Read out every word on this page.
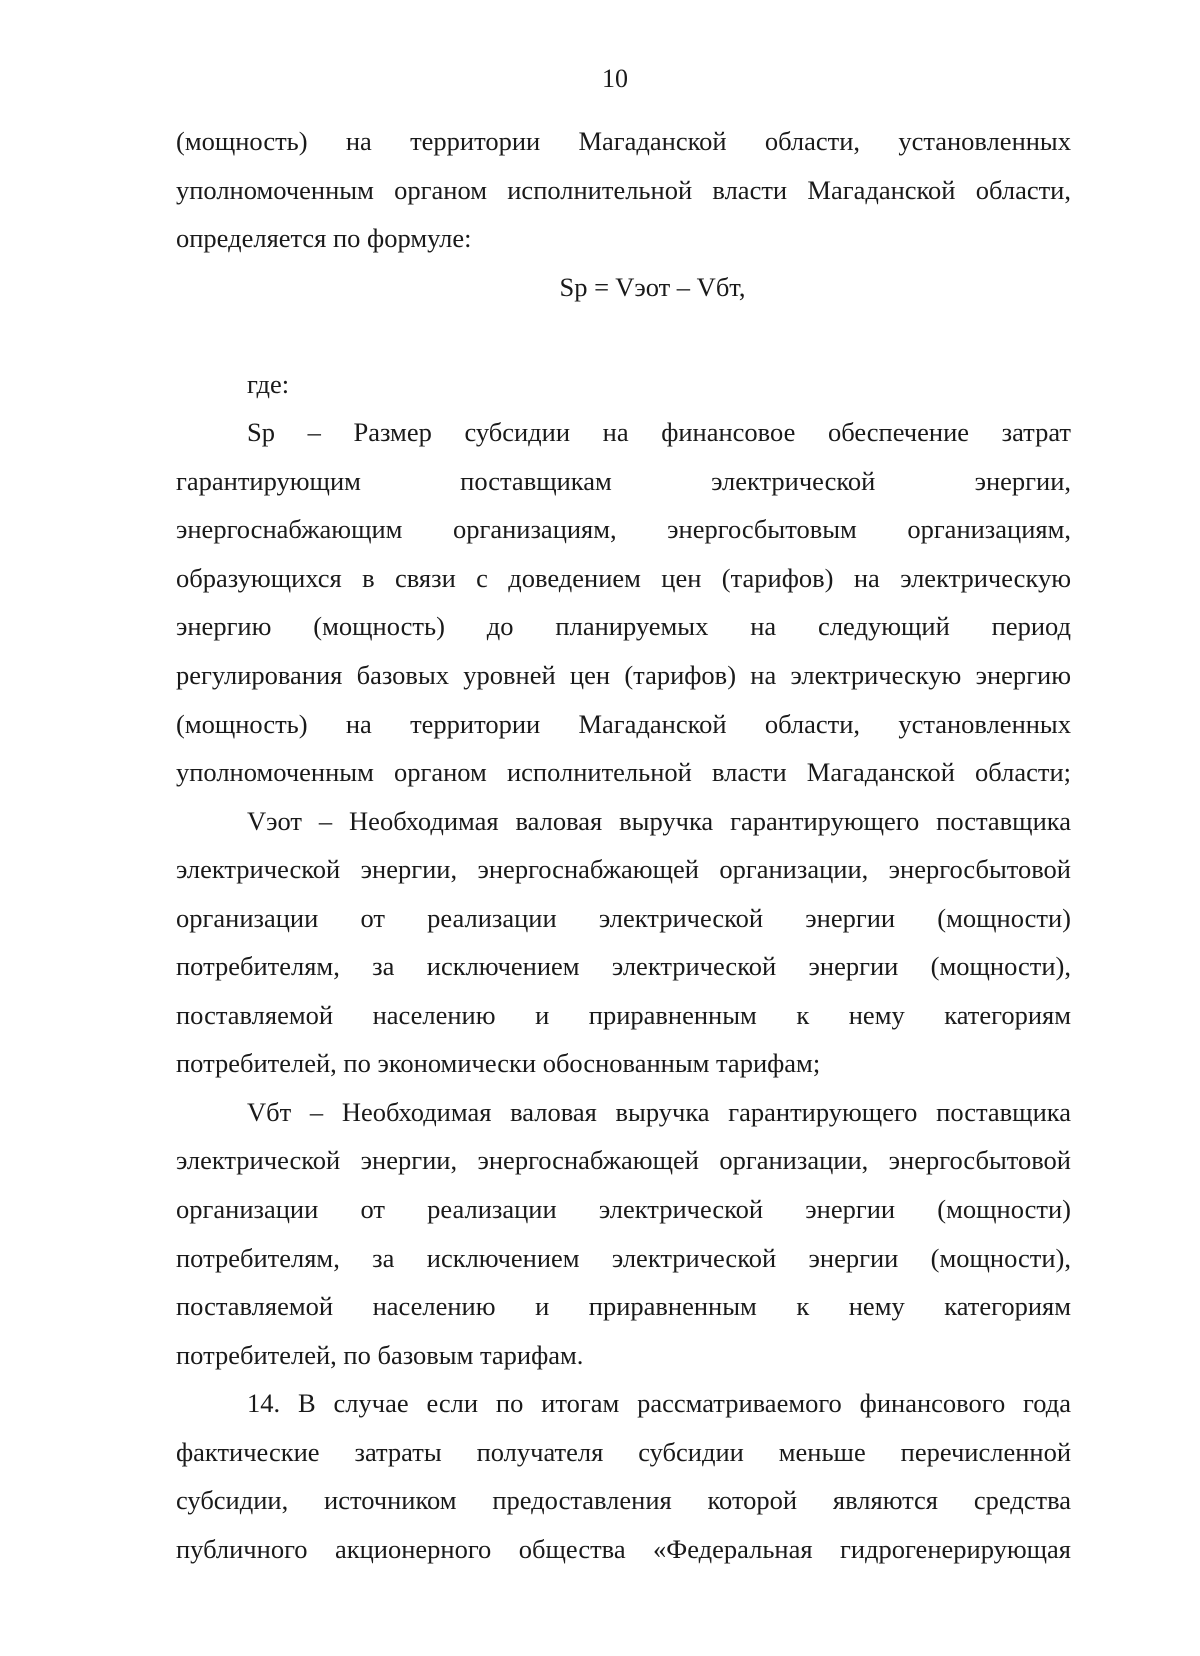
10
(мощность) на территории Магаданской области, установленных
уполномоченным органом исполнительной власти Магаданской области,
определяется по формуле:
Sp = Vэот – Vбт,
где:
Sp – Размер субсидии на финансовое обеспечение затрат
гарантирующим поставщикам электрической энергии,
энергоснабжающим организациям, энергосбытовым организациям,
образующихся в связи с доведением цен (тарифов) на электрическую
энергию (мощность) до планируемых на следующий период
регулирования базовых уровней цен (тарифов) на электрическую энергию
(мощность) на территории Магаданской области, установленных
уполномоченным органом исполнительной власти Магаданской области;
Vэот – Необходимая валовая выручка гарантирующего поставщика
электрической энергии, энергоснабжающей организации, энергосбытовой
организации от реализации электрической энергии (мощности)
потребителям, за исключением электрической энергии (мощности),
поставляемой населению и приравненным к нему категориям
потребителей, по экономически обоснованным тарифам;
Vбт – Необходимая валовая выручка гарантирующего поставщика
электрической энергии, энергоснабжающей организации, энергосбытовой
организации от реализации электрической энергии (мощности)
потребителям, за исключением электрической энергии (мощности),
поставляемой населению и приравненным к нему категориям
потребителей, по базовым тарифам.
14. В случае если по итогам рассматриваемого финансового года
фактические затраты получателя субсидии меньше перечисленной
субсидии, источником предоставления которой являются средства
публичного акционерного общества «Федеральная гидрогенерирующая
